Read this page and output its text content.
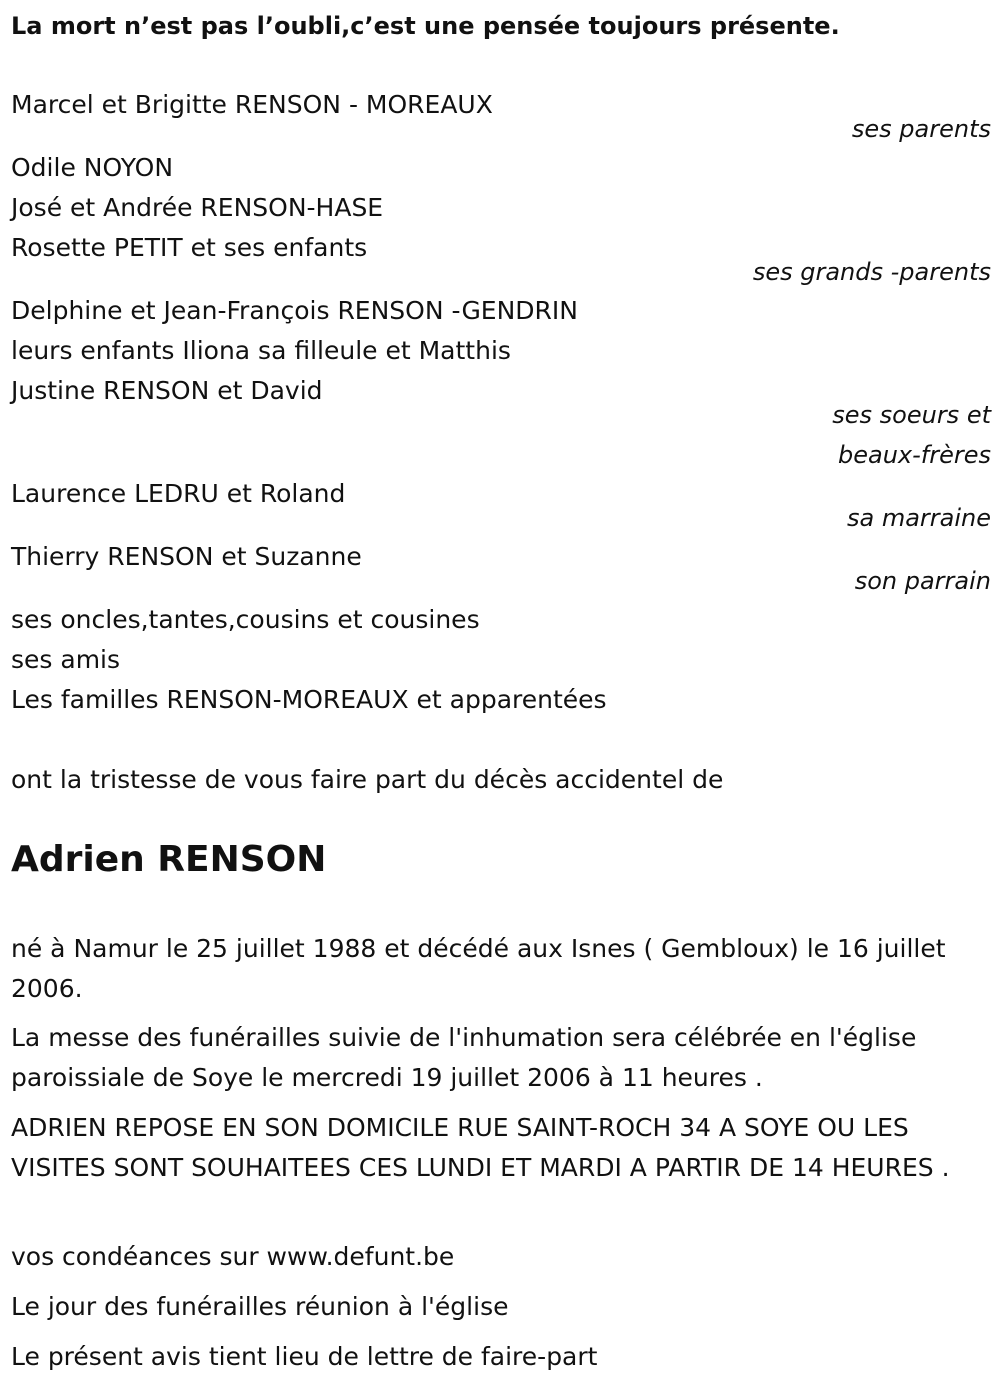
La mort n’est pas l’oubli,c’est une pensée toujours présente.
Marcel et Brigitte RENSON - MOREAUX
ses parents
Odile NOYON
José et Andrée RENSON-HASE
Rosette PETIT et ses enfants
ses grands -parents
Delphine et Jean-François RENSON -GENDRIN
leurs enfants Iliona sa filleule et Matthis
Justine RENSON et David
ses soeurs et
beaux-frères
Laurence LEDRU et Roland
sa marraine
Thierry RENSON et Suzanne
son parrain
ses oncles,tantes,cousins et cousines
ses amis
Les familles RENSON-MOREAUX et apparentées
ont la tristesse de vous faire part du décès accidentel de
Adrien RENSON
né à Namur le 25 juillet 1988 et décédé aux Isnes ( Gembloux) le 16 juillet 2006.
La messe des funérailles suivie de l'inhumation sera célébrée en l'église paroissiale de Soye le mercredi 19 juillet 2006 à 11 heures .
ADRIEN REPOSE EN SON DOMICILE RUE SAINT-ROCH 34 A SOYE OU LES VISITES SONT SOUHAITEES CES LUNDI ET MARDI A PARTIR DE 14 HEURES .
vos condéances sur www.defunt.be
Le jour des funérailles réunion à l'église
Le présent avis tient lieu de lettre de faire-part
